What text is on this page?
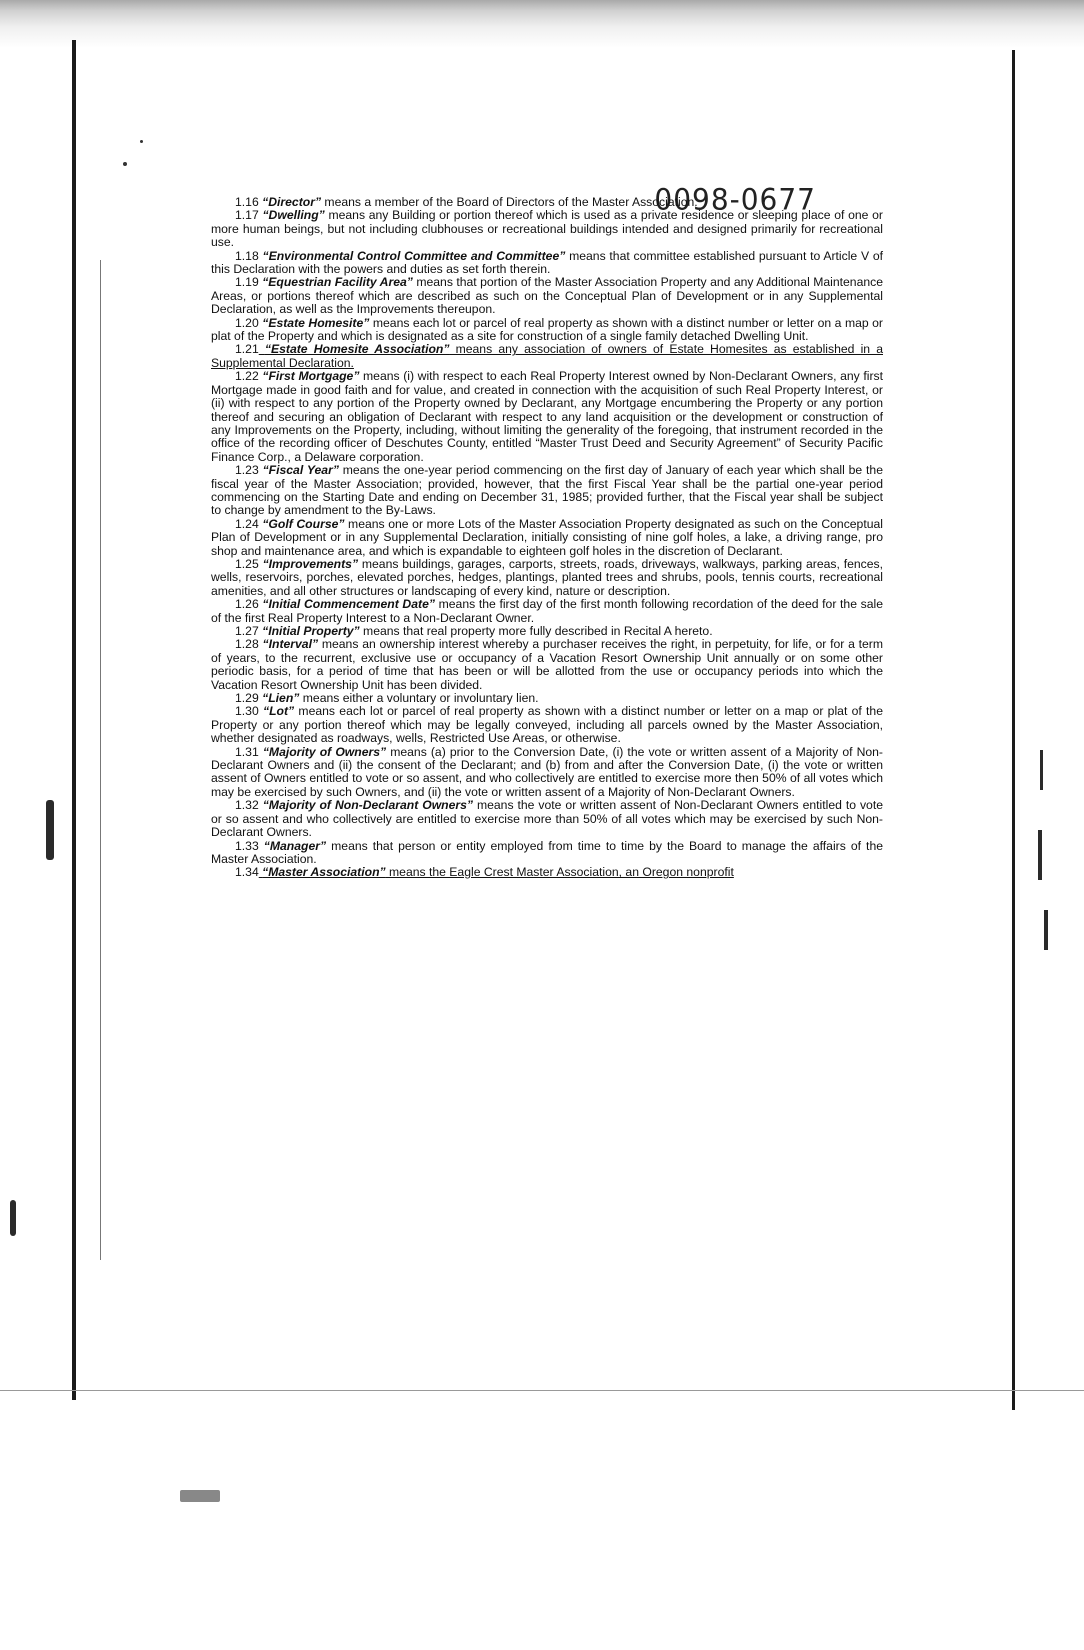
0098-0677

1.16 “Director” means a member of the Board of Directors of the Master Association.

1.17 “Dwelling” means any Building or portion thereof which is used as a private residence or sleeping place of one or more human beings, but not including clubhouses or recreational buildings intended and designed primarily for recreational use.

1.18 “Environmental Control Committee and Committee” means that committee established pursuant to Article V of this Declaration with the powers and duties as set forth therein.

1.19 “Equestrian Facility Area” means that portion of the Master Association Property and any Additional Maintenance Areas, or portions thereof which are described as such on the Conceptual Plan of Development or in any Supplemental Declaration, as well as the Improvements thereupon.

1.20 “Estate Homesite” means each lot or parcel of real property as shown with a distinct number or letter on a map or plat of the Property and which is designated as a site for construction of a single family detached Dwelling Unit.

1.21 “Estate Homesite Association” means any association of owners of Estate Homesites as established in a Supplemental Declaration.

1.22 “First Mortgage” means (i) with respect to each Real Property Interest owned by Non-Declarant Owners, any first Mortgage made in good faith and for value, and created in connection with the acquisition of such Real Property Interest, or (ii) with respect to any portion of the Property owned by Declarant, any Mortgage encumbering the Property or any portion thereof and securing an obligation of Declarant with respect to any land acquisition or the development or construction of any Improvements on the Property, including, without limiting the generality of the foregoing, that instrument recorded in the office of the recording officer of Deschutes County, entitled “Master Trust Deed and Security Agreement” of Security Pacific Finance Corp., a Delaware corporation.

1.23 “Fiscal Year” means the one-year period commencing on the first day of January of each year which shall be the fiscal year of the Master Association; provided, however, that the first Fiscal Year shall be the partial one-year period commencing on the Starting Date and ending on December 31, 1985; provided further, that the Fiscal year shall be subject to change by amendment to the By-Laws.

1.24 “Golf Course” means one or more Lots of the Master Association Property designated as such on the Conceptual Plan of Development or in any Supplemental Declaration, initially consisting of nine golf holes, a lake, a driving range, pro shop and maintenance area, and which is expandable to eighteen golf holes in the discretion of Declarant.

1.25 “Improvements” means buildings, garages, carports, streets, roads, driveways, walkways, parking areas, fences, wells, reservoirs, porches, elevated porches, hedges, plantings, planted trees and shrubs, pools, tennis courts, recreational amenities, and all other structures or landscaping of every kind, nature or description.

1.26 “Initial Commencement Date” means the first day of the first month following recordation of the deed for the sale of the first Real Property Interest to a Non-Declarant Owner.

1.27 “Initial Property” means that real property more fully described in Recital A hereto.

1.28 “Interval” means an ownership interest whereby a purchaser receives the right, in perpetuity, for life, or for a term of years, to the recurrent, exclusive use or occupancy of a Vacation Resort Ownership Unit annually or on some other periodic basis, for a period of time that has been or will be allotted from the use or occupancy periods into which the Vacation Resort Ownership Unit has been divided.

1.29 “Lien” means either a voluntary or involuntary lien.

1.30 “Lot” means each lot or parcel of real property as shown with a distinct number or letter on a map or plat of the Property or any portion thereof which may be legally conveyed, including all parcels owned by the Master Association, whether designated as roadways, wells, Restricted Use Areas, or otherwise.

1.31 “Majority of Owners” means (a) prior to the Conversion Date, (i) the vote or written assent of a Majority of Non-Declarant Owners and (ii) the consent of the Declarant; and (b) from and after the Conversion Date, (i) the vote or written assent of Owners entitled to vote or so assent, and who collectively are entitled to exercise more then 50% of all votes which may be exercised by such Owners, and (ii) the vote or written assent of a Majority of Non-Declarant Owners.

1.32 “Majority of Non-Declarant Owners” means the vote or written assent of Non-Declarant Owners entitled to vote or so assent and who collectively are entitled to exercise more than 50% of all votes which may be exercised by such Non-Declarant Owners.

1.33 “Manager” means that person or entity employed from time to time by the Board to manage the affairs of the Master Association.

1.34 “Master Association” means the Eagle Crest Master Association, an Oregon nonprofit
